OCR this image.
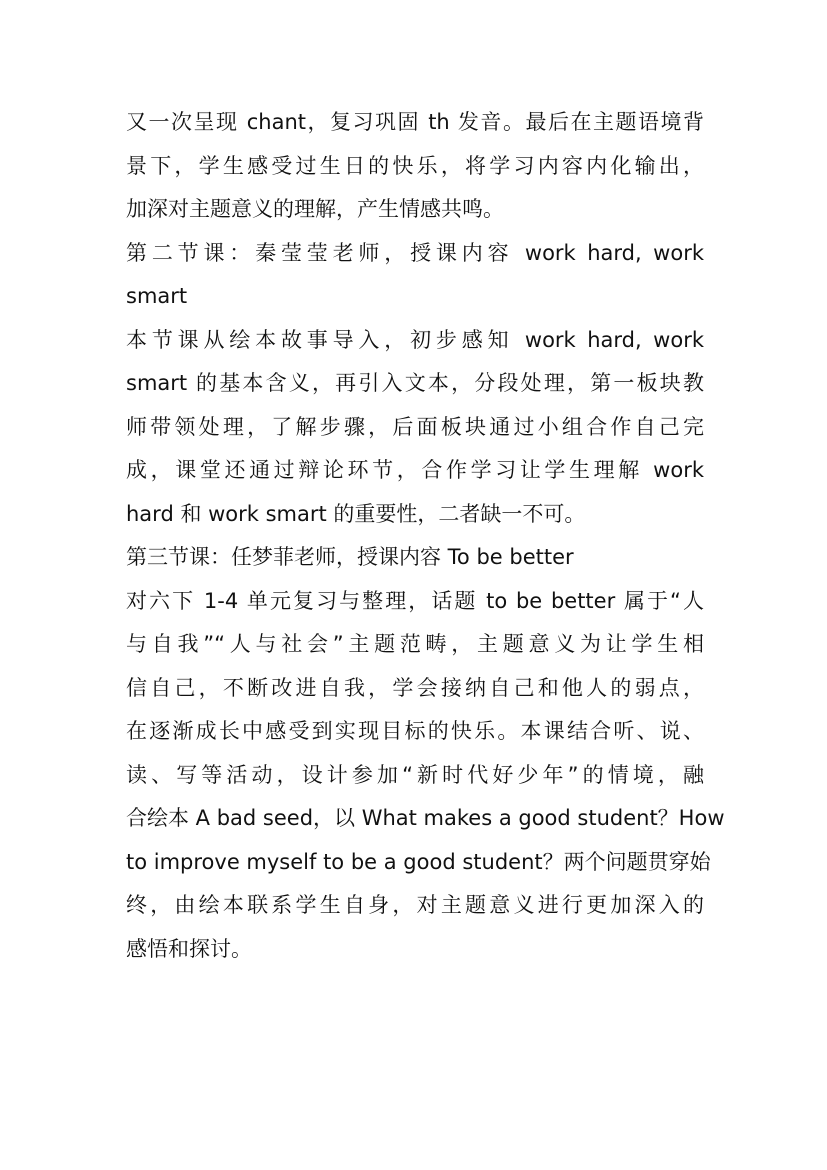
又一次呈现 chant，复习巩固 th 发音。最后在主题语境背
景下，学生感受过生日的快乐，将学习内容内化输出，
加深对主题意义的理解，产生情感共鸣。
第二节课：秦莹莹老师，授课内容 work hard, work
smart
本节课从绘本故事导入，初步感知 work hard, work
smart 的基本含义，再引入文本，分段处理，第一板块教
师带领处理，了解步骤，后面板块通过小组合作自己完
成，课堂还通过辩论环节，合作学习让学生理解 work
hard 和 work smart 的重要性，二者缺一不可。
第三节课：任梦菲老师，授课内容 To be better
对六下 1-4 单元复习与整理，话题 to be better 属于“人
与自我”“人与社会”主题范畴，主题意义为让学生相
信自己，不断改进自我，学会接纳自己和他人的弱点，
在逐渐成长中感受到实现目标的快乐。本课结合听、说、
读、写等活动，设计参加“新时代好少年”的情境，融
合绘本 A bad seed，以 What makes a good student？How
to improve myself to be a good student？两个问题贯穿始
终，由绘本联系学生自身，对主题意义进行更加深入的
感悟和探讨。
